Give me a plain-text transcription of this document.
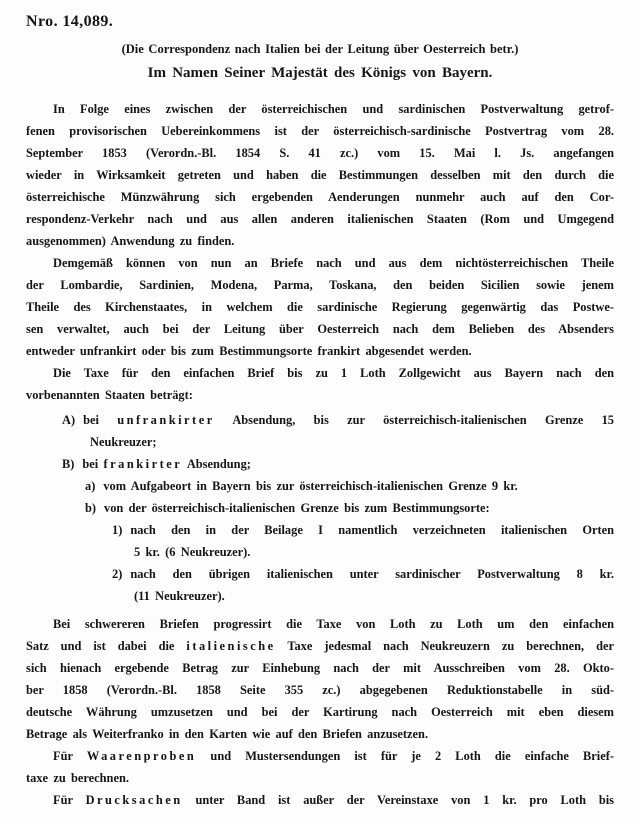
Nro. 14,089.
(Die Correspondenz nach Italien bei der Leitung über Oesterreich betr.)
Im Namen Seiner Majestät des Königs von Bayern.
In Folge eines zwischen der österreichischen und sardinischen Postverwaltung getrof-
fenen provisorischen Uebereinkommens ist der österreichisch-sardinische Postvertrag vom 28.
September 1853 (Verordn.-Bl. 1854 S. 41 zc.) vom 15. Mai l. Js. angefangen
wieder in Wirksamkeit getreten und haben die Bestimmungen desselben mit den durch die
österreichische Münzwährung sich ergebenden Aenderungen nunmehr auch auf den Cor-
respondenz-Verkehr nach und aus allen anderen italienischen Staaten (Rom und Umgegend
ausgenommen) Anwendung zu finden.
Demgemäß können von nun an Briefe nach und aus dem nichtösterreichischen Theile
der Lombardie, Sardinien, Modena, Parma, Toskana, den beiden Sicilien sowie jenem
Theile des Kirchenstaates, in welchem die sardinische Regierung gegenwärtig das Postwe-
sen verwaltet, auch bei der Leitung über Oesterreich nach dem Belieben des Absenders
entweder unfrankirt oder bis zum Bestimmungsorte frankirt abgesendet werden.
Die Taxe für den einfachen Brief bis zu 1 Loth Zollgewicht aus Bayern nach den
vorbenannten Staaten beträgt:
A) bei unfrankirter Absendung, bis zur österreichisch-italienischen Grenze 15
Neukreuzer;
B) bei frankirter Absendung;
a) vom Aufgabeort in Bayern bis zur österreichisch-italienischen Grenze 9 kr.
b) von der österreichisch-italienischen Grenze bis zum Bestimmungsorte:
1) nach den in der Beilage I namentlich verzeichneten italienischen Orten
5 kr. (6 Neukreuzer).
2) nach den übrigen italienischen unter sardinischer Postverwaltung 8 kr.
(11 Neukreuzer).
Bei schwereren Briefen progressirt die Taxe von Loth zu Loth um den einfachen
Satz und ist dabei die italienische Taxe jedesmal nach Neukreuzern zu berechnen, der
sich hienach ergebende Betrag zur Einhebung nach der mit Ausschreiben vom 28. Okto-
ber 1858 (Verordn.-Bl. 1858 Seite 355 zc.) abgegebenen Reduktionstabelle in süd-
deutsche Währung umzusetzen und bei der Kartirung nach Oesterreich mit eben diesem
Betrage als Weiterfranko in den Karten wie auf den Briefen anzusetzen.
Für Waarenproben und Mustersendungen ist für je 2 Loth die einfache Brief-
taxe zu berechnen.
Für Drucksachen unter Band ist außer der Vereinstaxe von 1 kr. pro Loth bis
